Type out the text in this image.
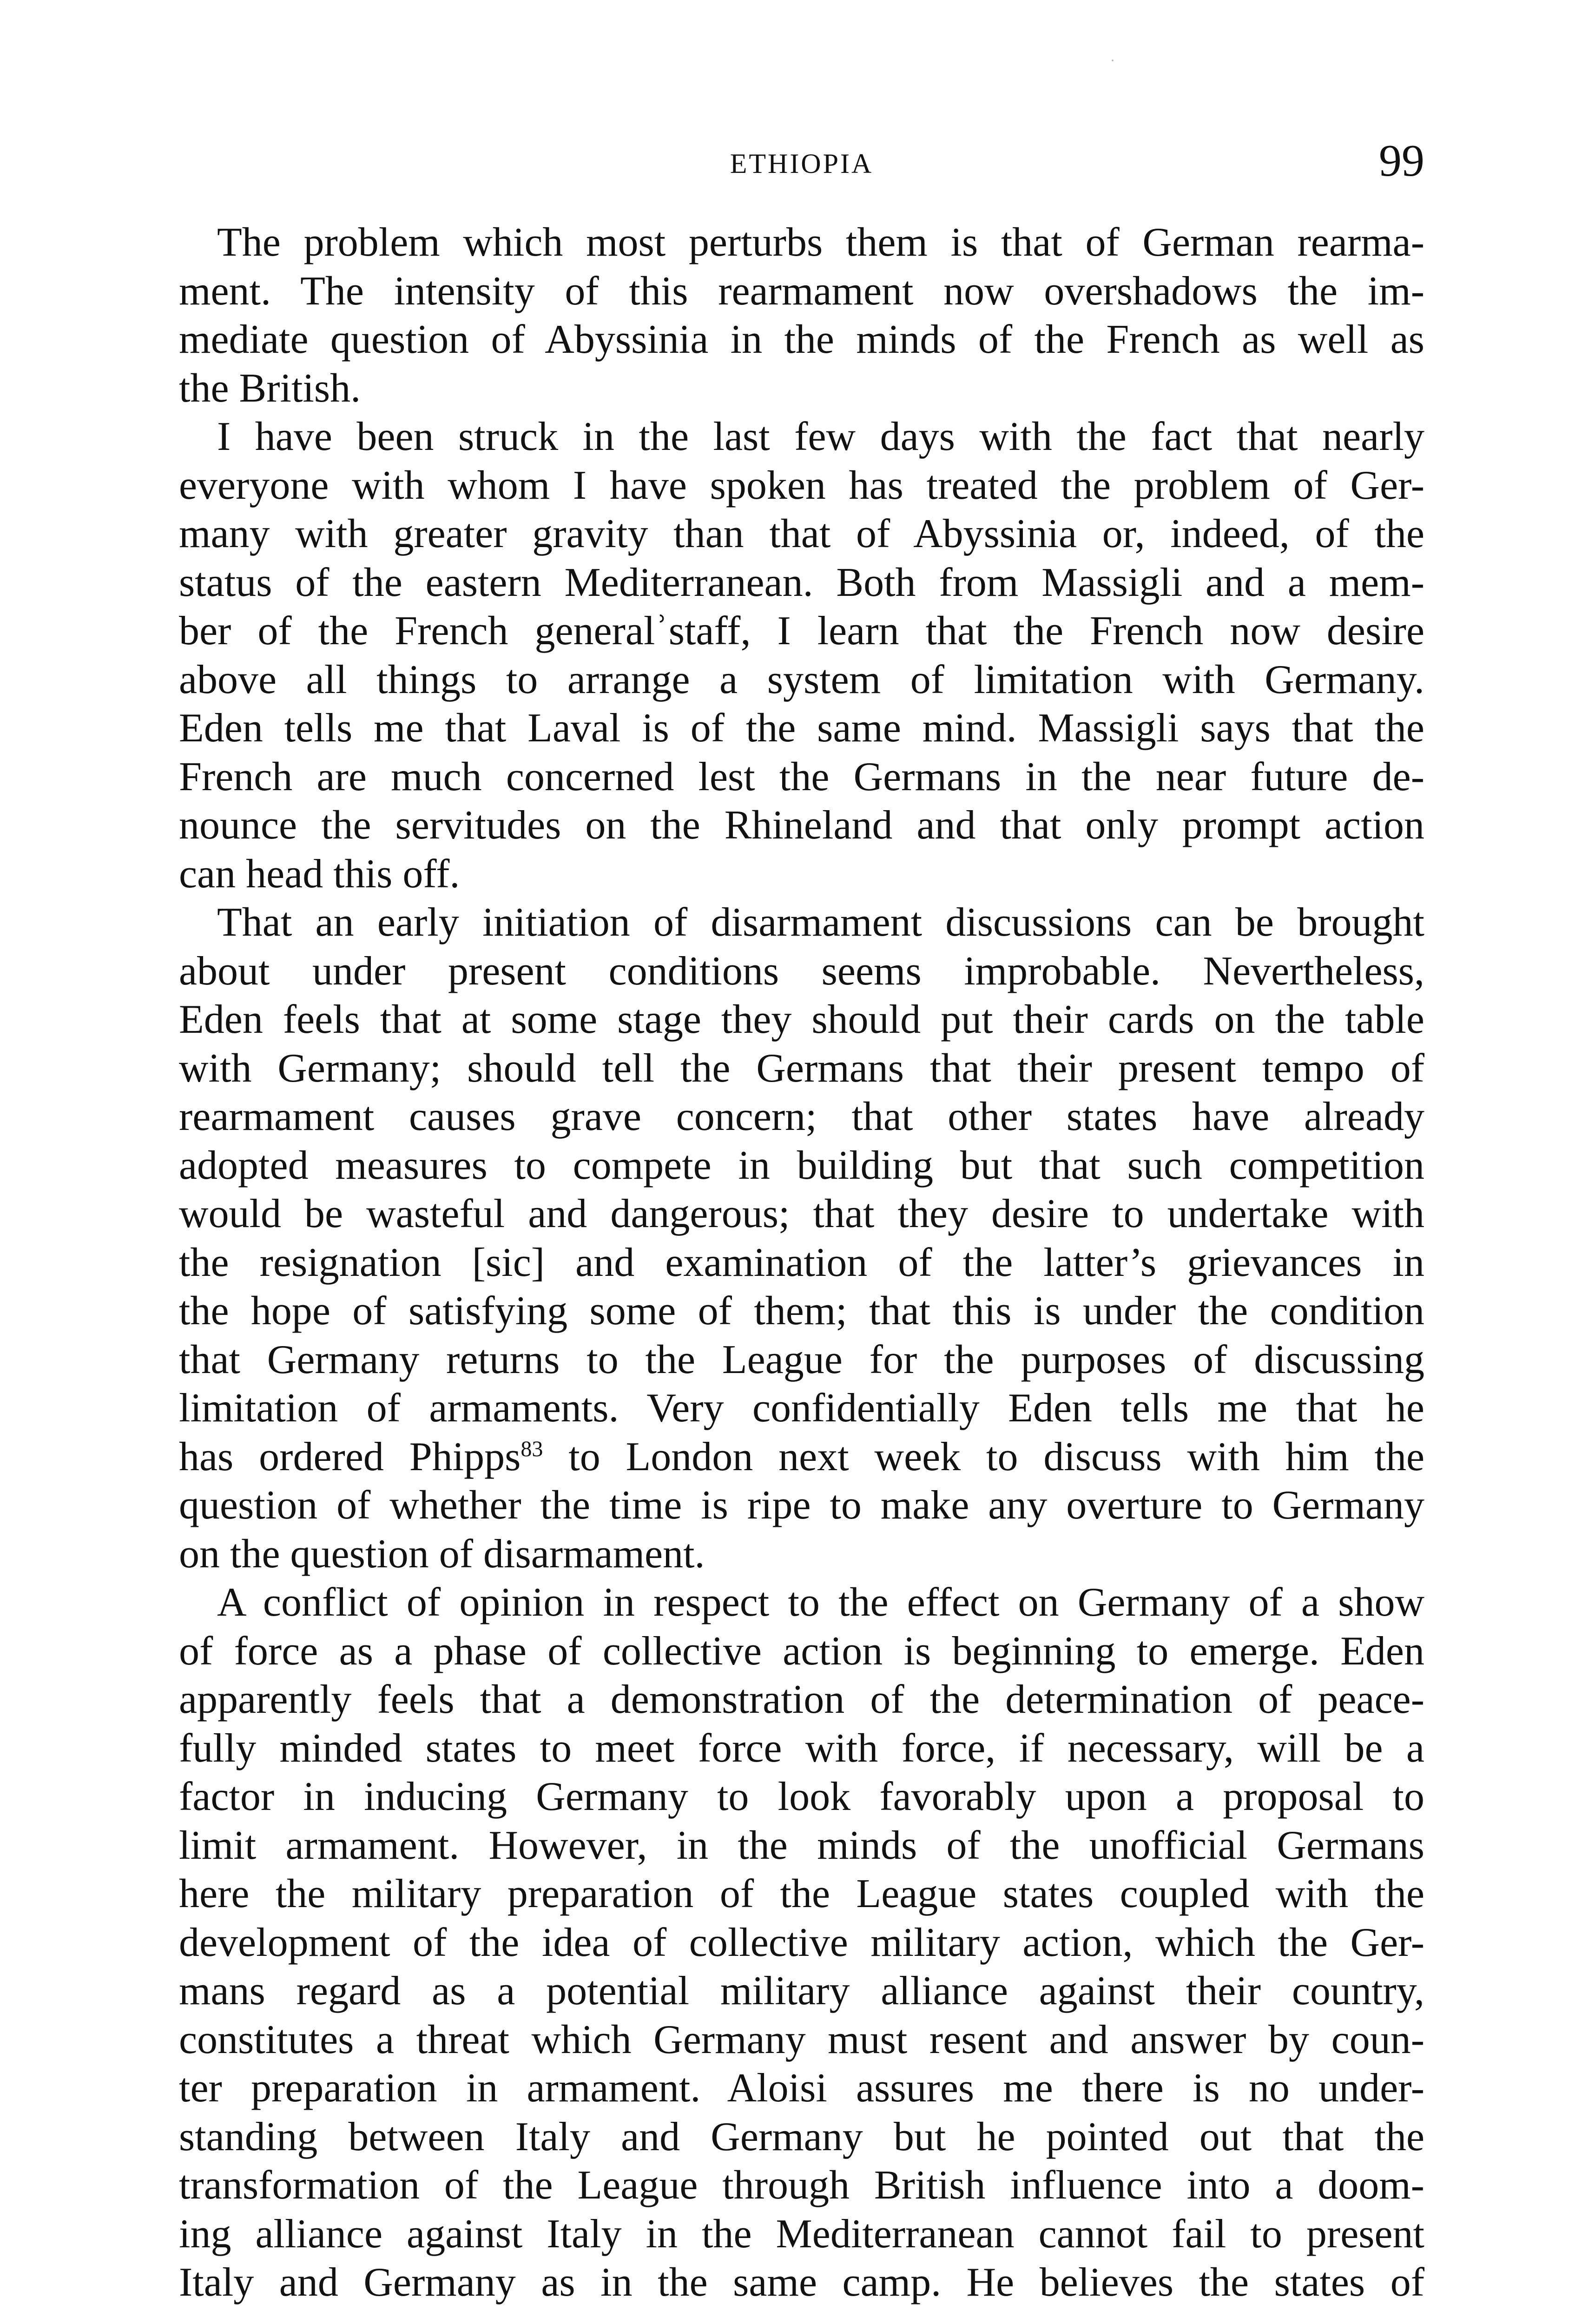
ETHIOPIA	99
The problem which most perturbs them is that of German rearma-
ment. The intensity of this rearmament now overshadows the im-
mediate question of Abyssinia in the minds of the French as well as
the British.
I have been struck in the last few days with the fact that nearly
everyone with whom I have spoken has treated the problem of Ger-
many with greater gravity than that of Abyssinia or, indeed, of the
status of the eastern Mediterranean. Both from Massigli and a mem-
ber of the French generalʾstaff, I learn that the French now desire
above all things to arrange a system of limitation with Germany.
Eden tells me that Laval is of the same mind. Massigli says that the
French are much concerned lest the Germans in the near future de-
nounce the servitudes on the Rhineland and that only prompt action
can head this off.
That an early initiation of disarmament discussions can be brought
about under present conditions seems improbable. Nevertheless,
Eden feels that at some stage they should put their cards on the table
with Germany; should tell the Germans that their present tempo of
rearmament causes grave concern; that other states have already
adopted measures to compete in building but that such competition
would be wasteful and dangerous; that they desire to undertake with
the resignation [sic] and examination of the latter’s grievances in
the hope of satisfying some of them; that this is under the condition
that Germany returns to the League for the purposes of discussing
limitation of armaments. Very confidentially Eden tells me that he
has ordered Phipps$^{83}$ to London next week to discuss with him the
question of whether the time is ripe to make any overture to Germany
on the question of disarmament.
A conflict of opinion in respect to the effect on Germany of a show
of force as a phase of collective action is beginning to emerge. Eden
apparently feels that a demonstration of the determination of peace-
fully minded states to meet force with force, if necessary, will be a
factor in inducing Germany to look favorably upon a proposal to
limit armament. However, in the minds of the unofficial Germans
here the military preparation of the League states coupled with the
development of the idea of collective military action, which the Ger-
mans regard as a potential military alliance against their country,
constitutes a threat which Germany must resent and answer by coun-
ter preparation in armament. Aloisi assures me there is no under-
standing between Italy and Germany but he pointed out that the
transformation of the League through British influence into a doom-
ing alliance against Italy in the Mediterranean cannot fail to present
Italy and Germany as in the same camp. He believes the states of
